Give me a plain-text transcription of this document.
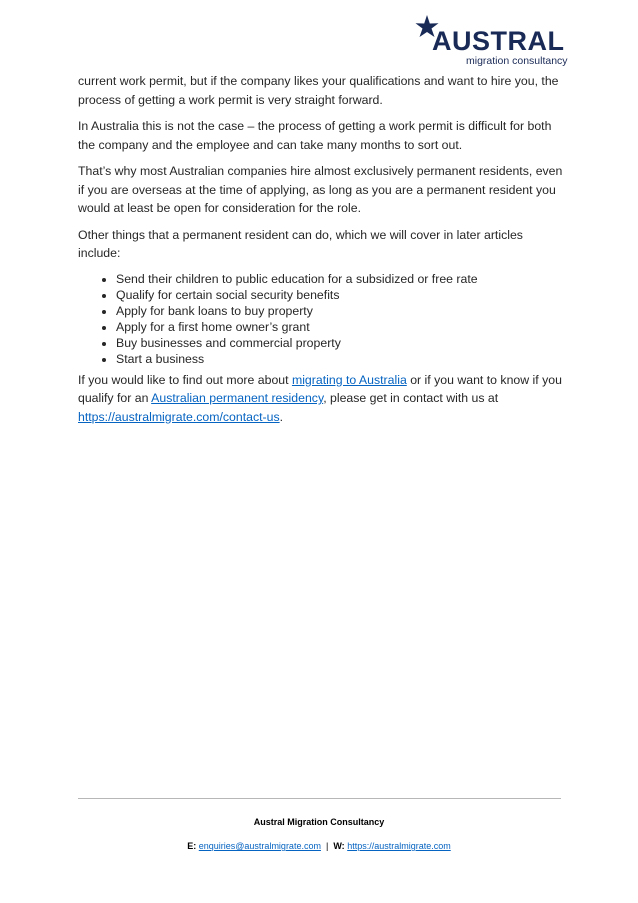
AUSTRAL
migration consultancy

current work permit, but if the company likes your qualifications and want to hire you, the process of getting a work permit is very straight forward.

In Australia this is not the case – the process of getting a work permit is difficult for both the company and the employee and can take many months to sort out.

That’s why most Australian companies hire almost exclusively permanent residents, even if you are overseas at the time of applying, as long as you are a permanent resident you would at least be open for consideration for the role.

Other things that a permanent resident can do, which we will cover in later articles include:

• Send their children to public education for a subsidized or free rate
• Qualify for certain social security benefits
• Apply for bank loans to buy property
• Apply for a first home owner’s grant
• Buy businesses and commercial property
• Start a business

If you would like to find out more about migrating to Australia or if you want to know if you qualify for an Australian permanent residency, please get in contact with us at https://australmigrate.com/contact-us.

Austral Migration Consultancy
E: enquiries@australmigrate.com | W: https://australmigrate.com
